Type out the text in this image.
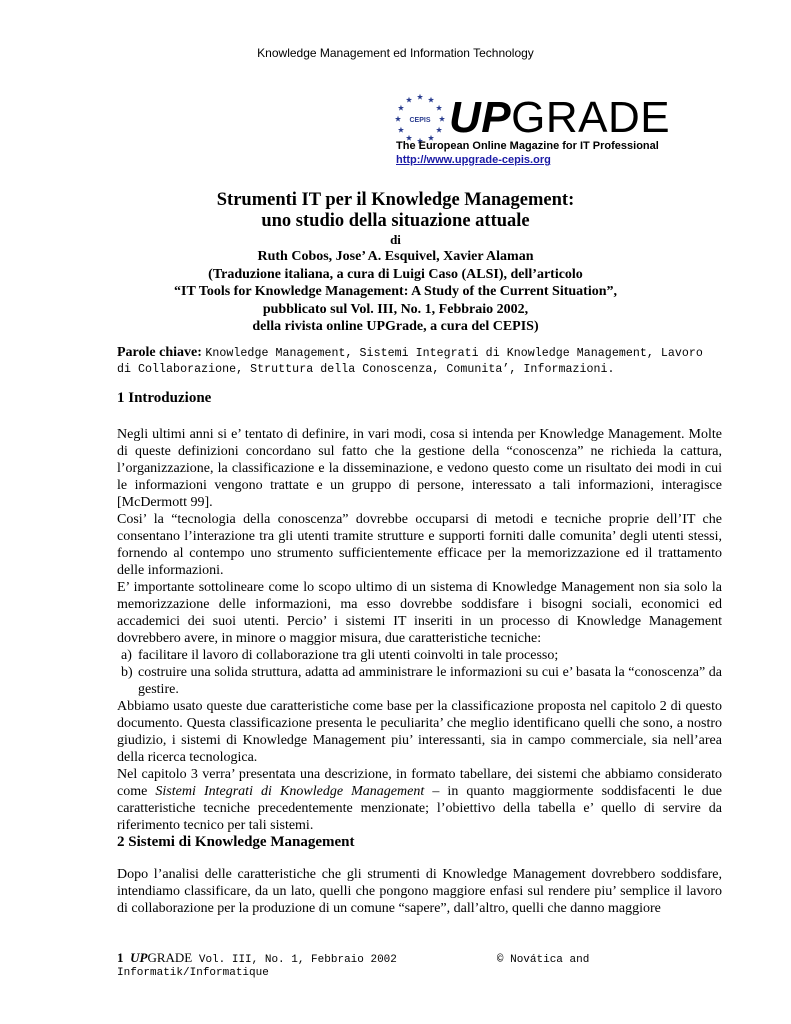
Knowledge Management ed Information Technology
CEPIS UPGRADE
The European Online Magazine for IT Professional
http://www.upgrade-cepis.org
Strumenti IT per il Knowledge Management:
uno studio della situazione attuale
di
Ruth Cobos, Jose’ A. Esquivel, Xavier Alaman
(Traduzione italiana, a cura di Luigi Caso (ALSI), dell’articolo
“IT Tools for Knowledge Management: A Study of the Current Situation”,
pubblicato sul Vol. III, No. 1, Febbraio 2002,
della rivista online UPGrade, a cura del CEPIS)
Parole chiave: Knowledge Management, Sistemi Integrati di Knowledge Management, Lavoro di Collaborazione, Struttura della Conoscenza, Comunita’, Informazioni.
1 Introduzione

Negli ultimi anni si e’ tentato di definire, in vari modi, cosa si intenda per Knowledge Management. Molte di queste definizioni concordano sul fatto che la gestione della “conoscenza” ne richieda la cattura, l’organizzazione, la classificazione e la disseminazione, e vedono questo come un risultato dei modi in cui le informazioni vengono trattate e un gruppo di persone, interessato a tali informazioni, interagisce [McDermott 99].

Cosi’ la “tecnologia della conoscenza” dovrebbe occuparsi di metodi e tecniche proprie dell’IT che consentano l’interazione tra gli utenti tramite strutture e supporti forniti dalle comunita’ degli utenti stessi, fornendo al contempo uno strumento sufficientemente efficace per la memorizzazione ed il trattamento delle informazioni.

E’ importante sottolineare come lo scopo ultimo di un sistema di Knowledge Management non sia solo la memorizzazione delle informazioni, ma esso dovrebbe soddisfare i bisogni sociali, economici ed accademici dei suoi utenti. Percio’ i sistemi IT inseriti in un processo di Knowledge Management dovrebbero avere, in minore o maggior misura, due caratteristiche tecniche:

a) facilitare il lavoro di collaborazione tra gli utenti coinvolti in tale processo;
b) costruire una solida struttura, adatta ad amministrare le informazioni su cui e’ basata la “conoscenza” da gestire.

Abbiamo usato queste due caratteristiche come base per la classificazione proposta nel capitolo 2 di questo documento. Questa classificazione presenta le peculiarita’ che meglio identificano quelli che sono, a nostro giudizio, i sistemi di Knowledge Management piu’ interessanti, sia in campo commerciale, sia nell’area della ricerca tecnologica.

Nel capitolo 3 verra’ presentata una descrizione, in formato tabellare, dei sistemi che abbiamo considerato come Sistemi Integrati di Knowledge Management – in quanto maggiormente soddisfacenti le due caratteristiche tecniche precedentemente menzionate; l’obiettivo della tabella e’ quello di servire da riferimento tecnico per tali sistemi.

2 Sistemi di Knowledge Management

Dopo l’analisi delle caratteristiche che gli strumenti di Knowledge Management dovrebbero soddisfare, intendiamo classificare, da un lato, quelli che pongono maggiore enfasi sul rendere piu’ semplice il lavoro di collaborazione per la produzione di un comune “sapere”, dall’altro, quelli che danno maggiore

1 UPGRADE Vol. III, No. 1, Febbraio 2002	© Novática and
Informatik/Informatique
